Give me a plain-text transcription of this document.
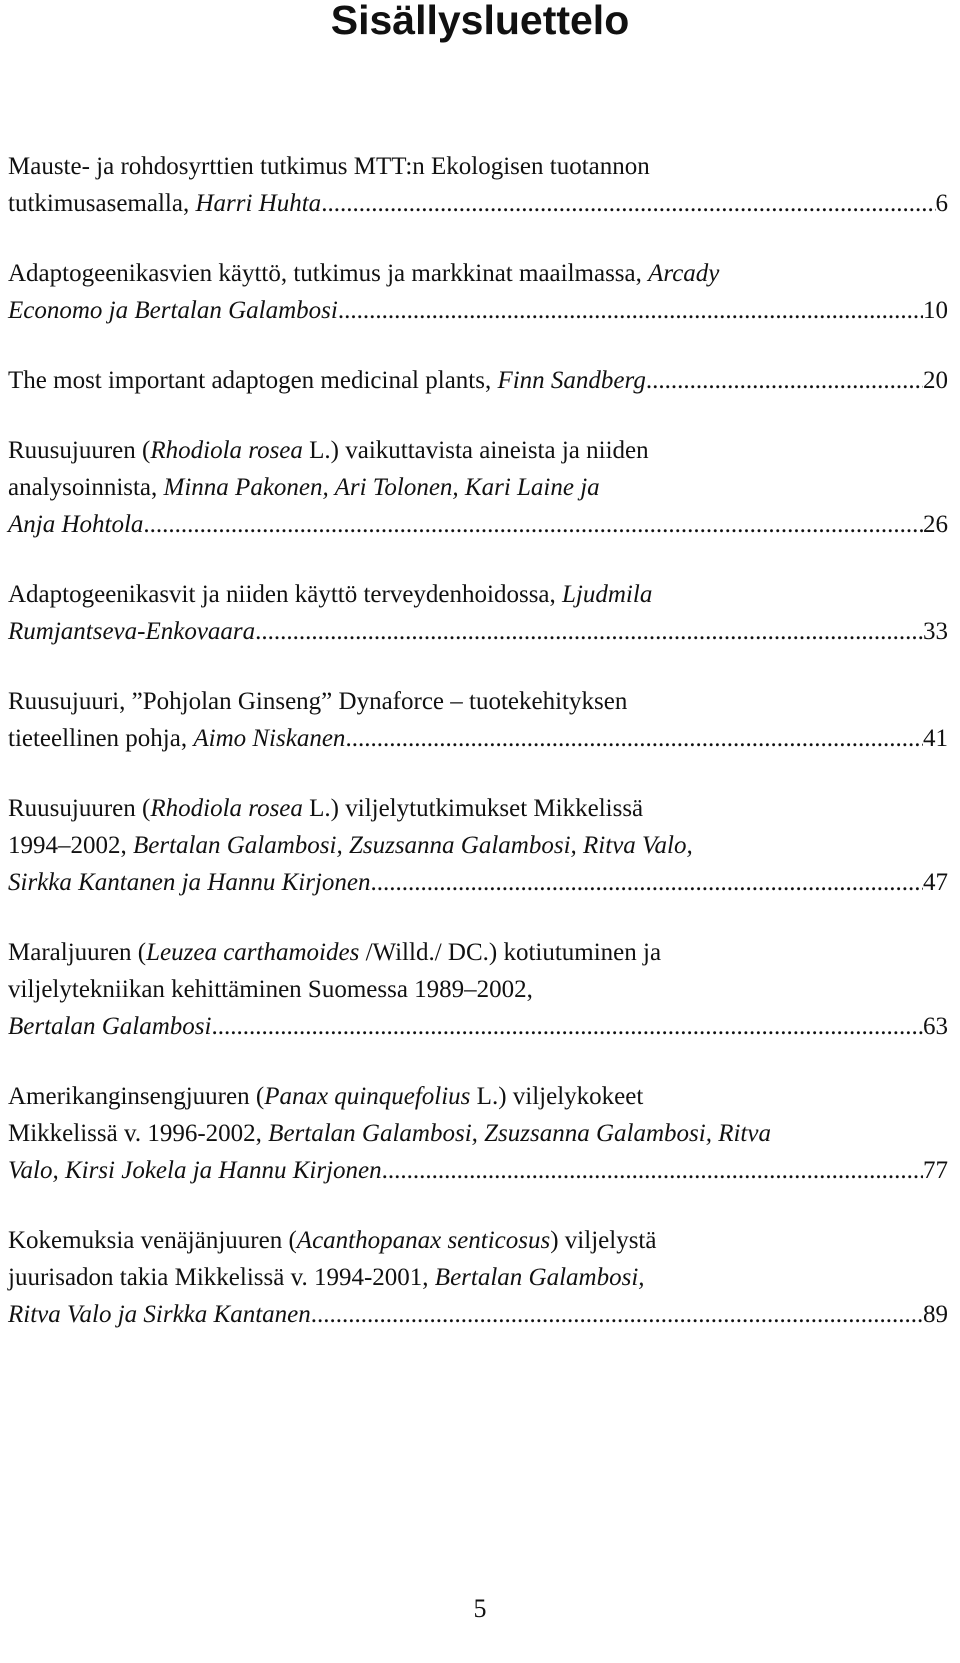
Sisällysluettelo
Mauste- ja rohdosyrttien tutkimus MTT:n Ekologisen tuotannon
tutkimusasemalla, Harri Huhta .....	6
Adaptogeenikasvien käyttö, tutkimus ja markkinat maailmassa, Arcady
Economo ja Bertalan Galambosi .....	10
The most important adaptogen medicinal plants, Finn Sandberg .....	20
Ruusujuuren (Rhodiola rosea L.) vaikuttavista aineista ja niiden
analysoinnista, Minna Pakonen, Ari Tolonen, Kari Laine ja
Anja Hohtola .....	26
Adaptogeenikasvit ja niiden käyttö terveydenhoidossa, Ljudmila
Rumjantseva-Enkovaara .....	33
Ruusujuuri, ”Pohjolan Ginseng” Dynaforce – tuotekehityksen
tieteellinen pohja, Aimo Niskanen .....	41
Ruusujuuren (Rhodiola rosea L.) viljelytutkimukset Mikkelissä
1994–2002, Bertalan Galambosi, Zsuzsanna Galambosi, Ritva Valo,
Sirkka Kantanen ja Hannu Kirjonen .....	47
Maraljuuren (Leuzea carthamoides /Willd./ DC.) kotiutuminen ja
viljelytekniikan kehittäminen Suomessa 1989–2002,
Bertalan Galambosi .....	63
Amerikanginsengjuuren (Panax quinquefolius L.) viljelykokeet
Mikkelissä v. 1996-2002, Bertalan Galambosi, Zsuzsanna Galambosi, Ritva
Valo, Kirsi Jokela ja Hannu Kirjonen .....	77
Kokemuksia venäjänjuuren (Acanthopanax senticosus) viljelystä
juurisadon takia Mikkelissä v. 1994-2001, Bertalan Galambosi,
Ritva Valo ja Sirkka Kantanen .....	89
5
